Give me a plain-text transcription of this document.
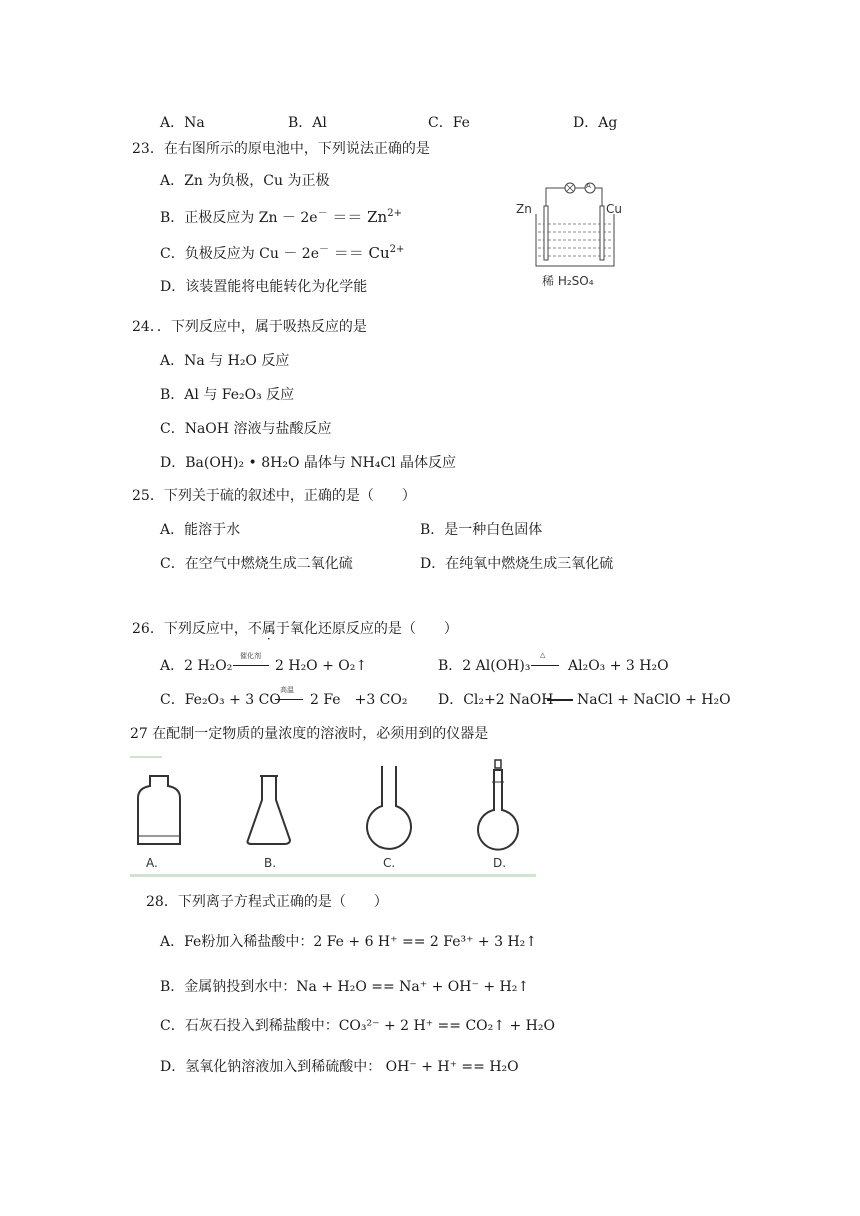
A．Na	B．Al	C．Fe	D．Ag
23．在右图所示的原电池中，下列说法正确的是
A．Zn 为负极，Cu 为正极
B．正极反应为 $Zn - 2e^- == Zn^{2+}$
C．负极反应为 $Cu - 2e^- == Cu^{2+}$
D．该装置能将电能转化为化学能
Zn	Cu
A
稀 H₂SO₄
24．．下列反应中，属于吸热反应的是
A．Na 与 H₂O 反应
B．Al 与 Fe₂O₃ 反应
C．NaOH 溶液与盐酸反应
D．Ba(OH)₂ • 8H₂O 晶体与 NH₄Cl 晶体反应
25．下列关于硫的叙述中，正确的是（　　）
A．能溶于水	B．是一种白色固体
C．在空气中燃烧生成二氧化硫	D．在纯氧中燃烧生成三氧化硫
26．下列反应中，不属于氧化还原反应的是（　　）
A．2 H₂O₂
催化剂
2 H₂O + O₂↑	B．2 Al(OH)₃
△
Al₂O₃ + 3 H₂O
C．Fe₂O₃ + 3 CO
高温
2 Fe　+3 CO₂ D．Cl₂+2 NaOH NaCl + NaClO + H₂O
27 在配制一定物质的量浓度的溶液时，必须用到的仪器是
A.	B.	C.	D.
28．下列离子方程式正确的是（　　）
A．Fe粉加入稀盐酸中：2 Fe + 6 H⁺ == 2 Fe³⁺ + 3 H₂↑
B．金属钠投到水中：Na + H₂O == Na⁺ + OH⁻ + H₂↑
C．石灰石投入到稀盐酸中：CO₃²⁻ + 2 H⁺ == CO₂↑ + H₂O
D．氢氧化钠溶液加入到稀硫酸中： OH⁻ + H⁺ == H₂O
